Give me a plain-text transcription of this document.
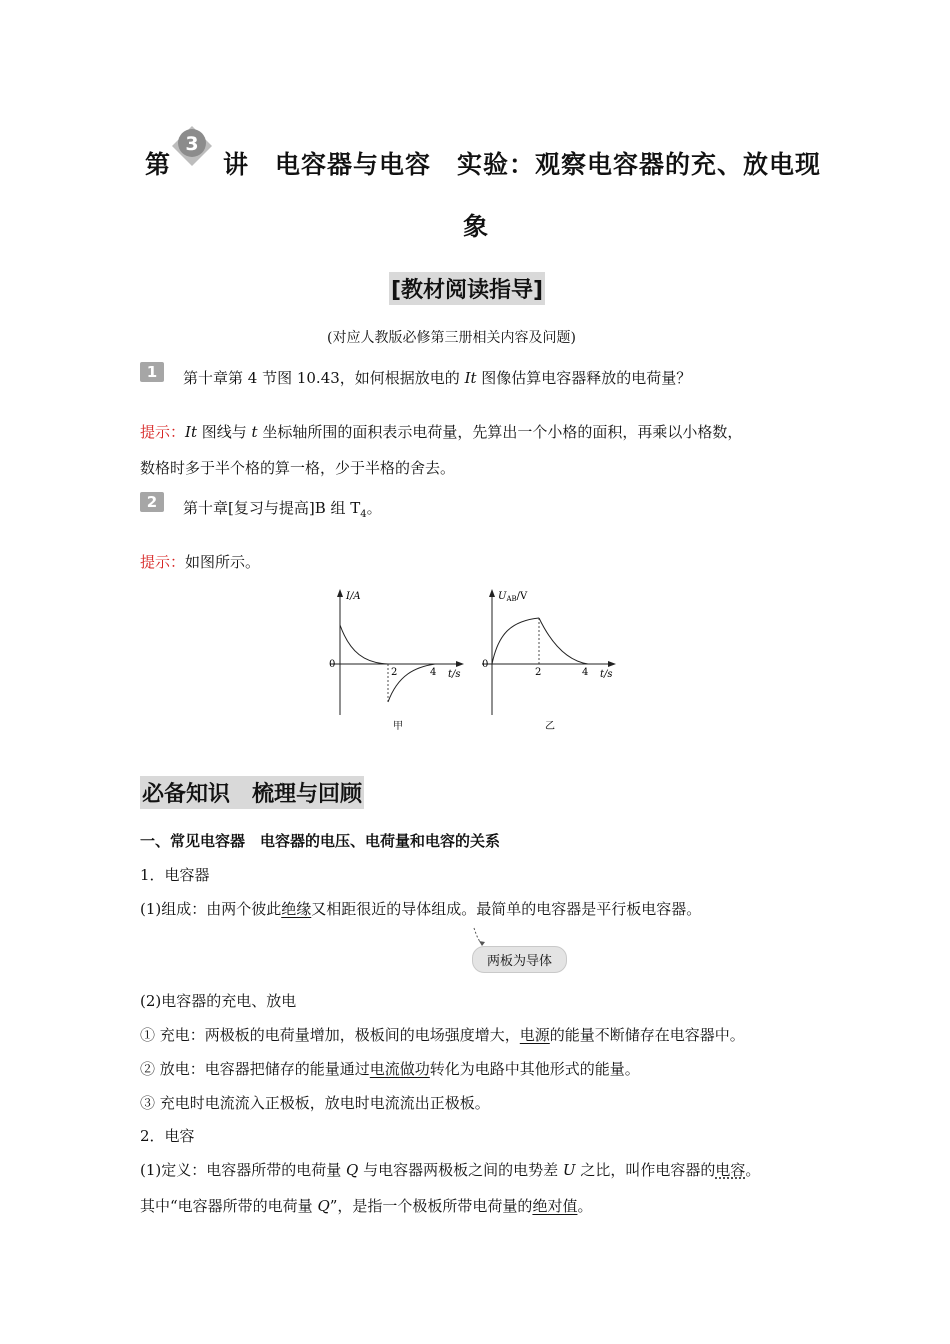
第 讲　电容器与电容　实验：观察电容器的充、放电现
3
象
[教材阅读指导]
(对应人教版必修第三册相关内容及问题)
1	第十章第 4 节图 10.43，如何根据放电的 It 图像估算电容器释放的电荷量？
提示：It 图线与 t 坐标轴所围的面积表示电荷量，先算出一个小格的面积，再乘以小格数，
数格时多于半个格的算一格，少于半格的舍去。
2	第十章[复习与提高]B 组 $T_4$。
提示：如图所示。
I/A
0
2	4 t/s
甲
$U_{AB}/V$
0
2	4 t/s
乙
必备知识　梳理与回顾
一、常见电容器　电容器的电压、电荷量和电容的关系
1．电容器
(1)组成：由两个彼此绝缘又相距很近的导体组成。最简单的电容器是平行板电容器。
两板为导体
(2)电容器的充电、放电
① 充电：两极板的电荷量增加，极板间的电场强度增大，电源的能量不断储存在电容器中。
② 放电：电容器把储存的能量通过电流做功转化为电路中其他形式的能量。
③ 充电时电流流入正极板，放电时电流流出正极板。
2．电容
(1)定义：电容器所带的电荷量 Q 与电容器两极板之间的电势差 U 之比，叫作电容器的电容。
其中“电容器所带的电荷量 Q”，是指一个极板所带电荷量的绝对值。
